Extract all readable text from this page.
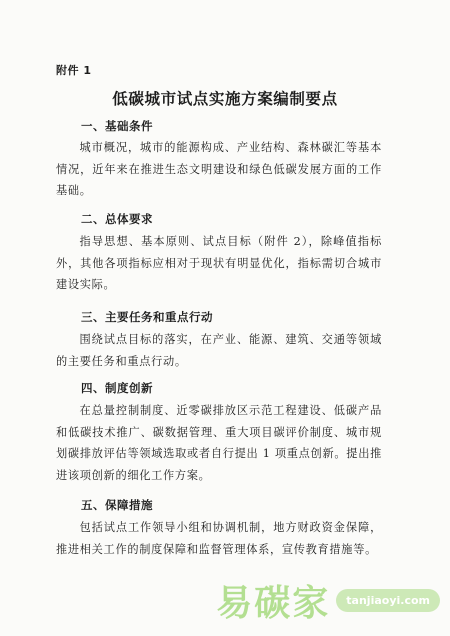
附件 1
低碳城市试点实施方案编制要点
一、基础条件

城市概况，城市的能源构成、产业结构、森林碳汇等基本情况，近年来在推进生态文明建设和绿色低碳发展方面的工作基础。

二、总体要求

指导思想、基本原则、试点目标（附件 2），除峰值指标外，其他各项指标应相对于现状有明显优化，指标需切合城市建设实际。

三、主要任务和重点行动

围绕试点目标的落实，在产业、能源、建筑、交通等领域的主要任务和重点行动。

四、制度创新

在总量控制制度、近零碳排放区示范工程建设、低碳产品和低碳技术推广、碳数据管理、重大项目碳评价制度、城市规划碳排放评估等领域选取或者自行提出 1 项重点创新。提出推进该项创新的细化工作方案。

五、保障措施

包括试点工作领导小组和协调机制，地方财政资金保障，推进相关工作的制度保障和监督管理体系，宣传教育措施等。

易碳家	tanjiaoyi.com
